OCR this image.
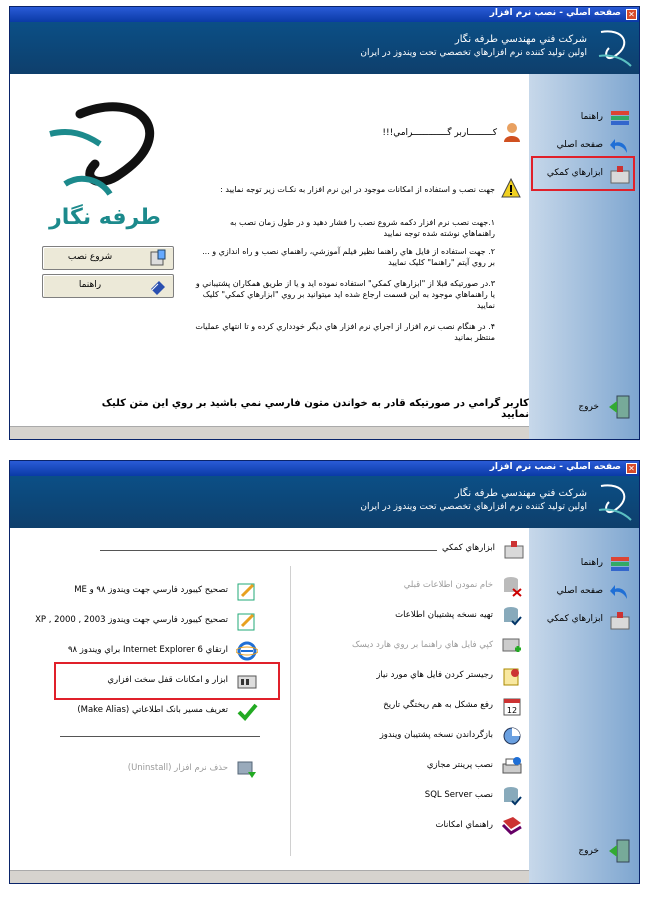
صفحه اصلي - نصب نرم افزار ✕
شرکت فني مهندسي طرفه نگار
اولين توليد کننده نرم افزارهاي تخصصي تحت ويندوز در ايران
راهنما
صفحه اصلي
ابزارهاي کمکي
خروج
کـــــــــاربر گـــــــــــــرامي!!!
جهت نصب و استفاده از امکانات موجود در اين نرم افزار به نکـات زير توجه نماييد :
۱.جهت نصب نرم افزار دکمه شروع نصب را فشار دهيد و در طول زمان نصب به راهنماهاي نوشته شده توجه نماييد
۲. جهت استفاده از فايل هاي راهنما نظير فيلم آموزشي، راهنماي نصب و راه اندازي و ... بر روي آيتم "راهنما" کليک نماييد
۳.در صورتيکه قبلا از "ابزارهاي کمکي" استفاده نموده ايد و يا از طريق همکاران پشتيباني و يا راهنماهاي موجود به اين قسمت ارجاع شده ايد ميتوانيد بر روي "ابزارهاي کمکي" کليک نماييد
۴. در هنگام نصب نرم افزار از اجراي نرم افزار هاي ديگر خودداري کرده و تا انتهاي عمليات منتظر بمانيد
طرفه نگار
شروع نصب
راهنما
کاربر گرامي در صورتيکه قادر به خواندن متون فارسي نمي باشيد بر روي اين متن کليک نماييد
صفحه اصلي - نصب نرم افزار ✕
شرکت فني مهندسي طرفه نگار
اولين توليد کننده نرم افزارهاي تخصصي تحت ويندوز در ايران
راهنما
صفحه اصلي
ابزارهاي کمکي
خروج
ابزارهاي کمکي
خام نمودن اطلاعات قبلي
تهيه نسخه پشتيبان اطلاعات
کپي فايل هاي راهنما بر روي هارد ديسک
رجيستر کردن فايل هاي مورد نياز
12
رفع مشکل به هم ريختگي تاريخ
بازگرداندن نسخه پشتيبان ويندوز
نصب پرينتر مجازي
نصب SQL Server
راهنماي امکانات
تصحيح کيبورد فارسي جهت ويندوز ۹۸ و ME
تصحيح کيبورد فارسي جهت ويندوز 2003 , 2000 , XP
ارتقاي Internet Explorer 6 براي ويندوز ۹۸
ابزار و امکانات قفل سخت افزاري
تعريف مسير بانک اطلاعاتي (Make Alias)
حذف نرم افزار (Uninstall)
